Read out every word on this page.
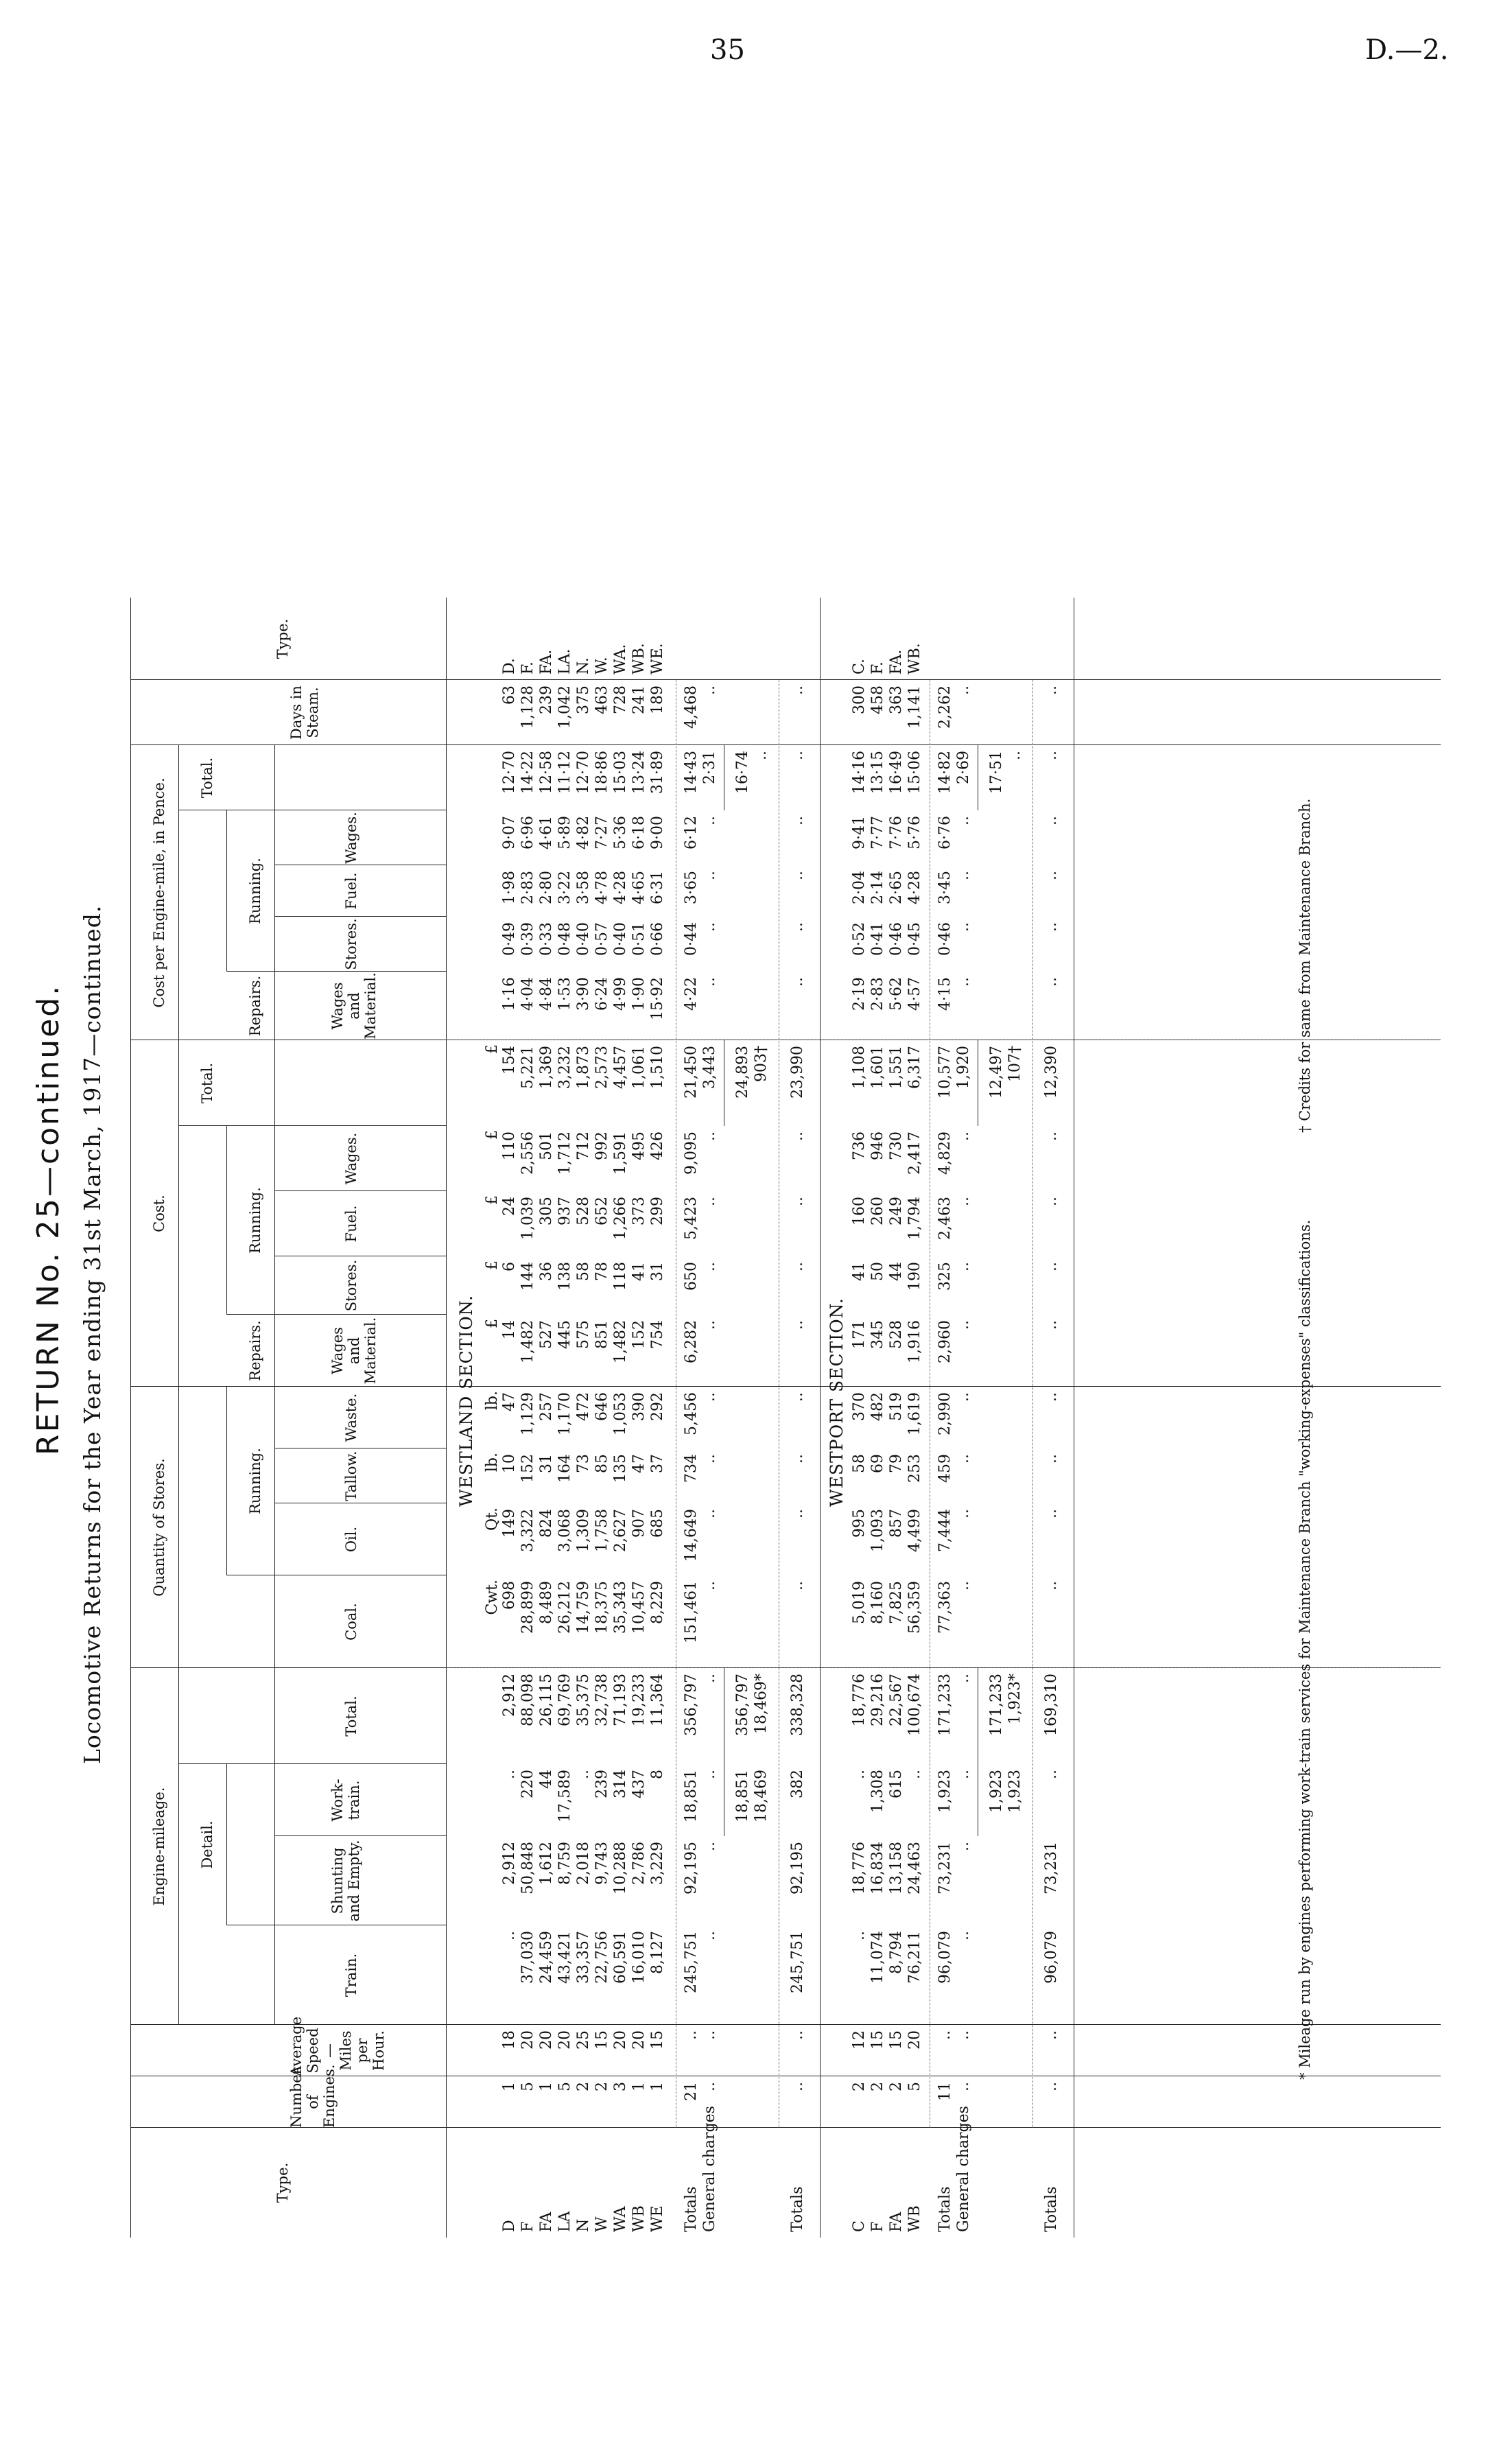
35	D.—2.
RETURN No. 25—continued. Locomotive Returns for the Year ending 31st March, 1917—continued.
Type.
Engine-mileage.
Quantity of Stores.
Cost.
Cost per Engine-mile, in Pence.
Number of Engines.
Average Speed — Miles per Hour.
Detail.
Running.
Repairs.
Running.
Total.
Repairs.
Running.
Total.
Days in Steam.
Type.
Train.
Shunting and Empty.
Work-train.
Total.
Coal.
Oil.
Tallow.
Waste.
Wages and Material.
Stores.
Fuel.
Wages.
Wages and Material.
Stores.
Fuel.
Wages.
WESTLAND SECTION.
Cwt.
Qt.
lb.
lb.
£
£
£
£
£
D
1
18
..
2,912
..
2,912
698
149
10
47
14
6
24
110
154
1·16
0·49
1·98
9·07
12·70
63
D.
F
5
20
37,030
50,848
220
88,098
28,899
3,322
152
1,129
1,482
144
1,039
2,556
5,221
4·04
0·39
2·83
6·96
14·22
1,128
F.
FA
1
20
24,459
1,612
44
26,115
8,489
824
31
257
527
36
305
501
1,369
4·84
0·33
2·80
4·61
12·58
239
FA.
LA
5
20
43,421
8,759
17,589
69,769
26,212
3,068
164
1,170
445
138
937
1,712
3,232
1·53
0·48
3·22
5·89
11·12
1,042
LA.
N
2
25
33,357
2,018
..
35,375
14,759
1,309
73
472
575
58
528
712
1,873
3·90
0·40
3·58
4·82
12·70
375
N.
W
2
15
22,756
9,743
239
32,738
18,375
1,758
85
646
851
78
652
992
2,573
6·24
0·57
4·78
7·27
18·86
463
W.
WA
3
20
60,591
10,288
314
71,193
35,343
2,627
135
1,053
1,482
118
1,266
1,591
4,457
4·99
0·40
4·28
5·36
15·03
728
WA.
WB
1
20
16,010
2,786
437
19,233
10,457
907
47
390
152
41
373
495
1,061
1·90
0·51
4·65
6·18
13·24
241
WB.
WE
1
15
8,127
3,229
8
11,364
8,229
685
37
292
754
31
299
426
1,510
15·92
0·66
6·31
9·00
31·89
189
WE.
21
..
245,751
92,195
18,851
356,797
151,461
14,649
734
5,456
6,282
650
5,423
9,095
21,450
4·22
0·44
3·65
6·12
14·43
4,468
Totals
..
..
..
..
..
..
..
..
..
..
..
..
..
..
3,443
..
..
..
..
2·31
..
General charges
18,851 18,469
356,797 18,469*
24,893 903†
16·74 ..
..
..
245,751
92,195
382
338,328
..
..
..
..
..
..
..
..
23,990
..
..
..
..
..
..
Totals
WESTPORT SECTION.
C
2
12
..
18,776
..
18,776
5,019
995
58
370
171
41
160
736
1,108
2·19
0·52
2·04
9·41
14·16
300
C.
F
2
15
11,074
16,834
1,308
29,216
8,160
1,093
69
482
345
50
260
946
1,601
2·83
0·41
2·14
7·77
13·15
458
F.
FA
2
15
8,794
13,158
615
22,567
7,825
857
79
519
528
44
249
730
1,551
5·62
0·46
2·65
7·76
16·49
363
FA.
WB
5
20
76,211
24,463
..
100,674
56,359
4,499
253
1,619
1,916
190
1,794
2,417
6,317
4·57
0·45
4·28
5·76
15·06
1,141
WB.
11
..
96,079
73,231
1,923
171,233
77,363
7,444
459
2,990
2,960
325
2,463
4,829
10,577
4·15
0·46
3·45
6·76
14·82
2,262
Totals
..
..
..
..
..
..
..
..
..
..
..
..
..
..
1,920
..
..
..
..
2·69
..
General charges
1,923 1,923
171,233 1,923*
12,497 107†
17·51 ..
..
..
96,079
73,231
..
169,310
..
..
..
..
..
..
..
..
12,390
..
..
..
..
..
..
Totals
* Mileage run by engines performing work-train services for Maintenance Branch "working-expenses" classifications.
† Credits for same from Maintenance Branch.
